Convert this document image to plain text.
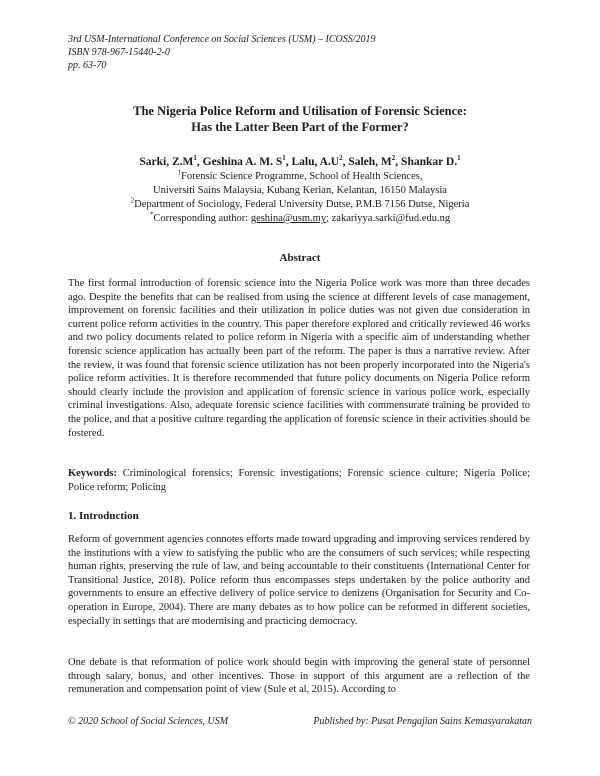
3rd USM-International Conference on Social Sciences (USM) – ICOSS/2019
ISBN 978-967-15440-2-0
pp. 63-70
The Nigeria Police Reform and Utilisation of Forensic Science:
Has the Latter Been Part of the Former?
Sarki, $Z.M^1$, Geshina A. M. $S^1$, Lalu, $A.U^2$, Saleh, $M^2$, Shankar D.$^1$
$^1$Forensic Science Programme, School of Health Sciences,
Universiti Sains Malaysia, Kubang Kerian, Kelantan, 16150 Malaysia
$^2$Department of Sociology, Federal University Dutse, P.M.B 7156 Dutse, Nigeria
*Corresponding author: geshina@usm.my; zakariyya.sarki@fud.edu.ng
Abstract
The first formal introduction of forensic science into the Nigeria Police work was more than three decades ago. Despite the benefits that can be realised from using the science at different levels of case management, improvement on forensic facilities and their utilization in police duties was not given due consideration in current police reform activities in the country. This paper therefore explored and critically reviewed 46 works and two policy documents related to police reform in Nigeria with a specific aim of understanding whether forensic science application has actually been part of the reform. The paper is thus a narrative review. After the review, it was found that forensic science utilization has not been properly incorporated into the Nigeria's police reform activities. It is therefore recommended that future policy documents on Nigeria Police reform should clearly include the provision and application of forensic science in various police work, especially criminal investigations. Also, adequate forensic science facilities with commensurate training be provided to the police, and that a positive culture regarding the application of forensic science in their activities should be fostered.
Keywords: Criminological forensics; Forensic investigations; Forensic science culture; Nigeria Police; Police reform; Policing
1. Introduction
Reform of government agencies connotes efforts made toward upgrading and improving services rendered by the institutions with a view to satisfying the public who are the consumers of such services; while respecting human rights, preserving the rule of law, and being accountable to their constituents (International Center for Transitional Justice, 2018). Police reform thus encompasses steps undertaken by the police authority and governments to ensure an effective delivery of police service to denizens (Organisation for Security and Co-operation in Europe, 2004). There are many debates as to how police can be reformed in different societies, especially in settings that are modernising and practicing democracy.
One debate is that reformation of police work should begin with improving the general state of personnel through salary, bonus, and other incentives. Those in support of this argument are a reflection of the remuneration and compensation point of view (Sule et al, 2015). According to
© 2020 School of Social Sciences, USM	Published by: Pusat Pengajian Sains Kemasyarakatan
